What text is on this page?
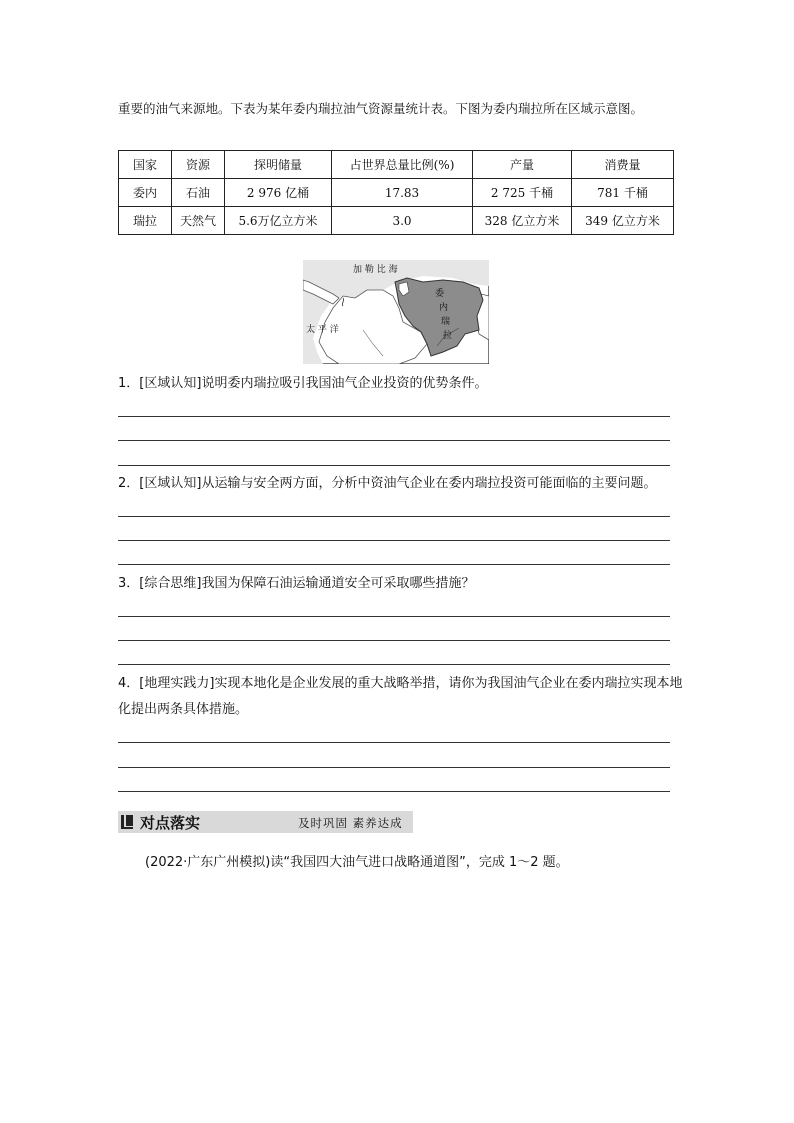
重要的油气来源地。下表为某年委内瑞拉油气资源量统计表。下图为委内瑞拉所在区域示意图。
国家	资源	探明储量	占世界总量比例(%)	产量	消费量
委内	石油	2 976 亿桶	17.83	2 725 千桶	781 千桶
瑞拉	天然气	5.6万亿立方米	3.0	328 亿立方米	349 亿立方米
加 勒 比 海
太 平 洋
委
内
瑞
拉
1．[区域认知]说明委内瑞拉吸引我国油气企业投资的优势条件。
2．[区域认知]从运输与安全两方面，分析中资油气企业在委内瑞拉投资可能面临的主要问题。
3．[综合思维]我国为保障石油运输通道安全可采取哪些措施？
4．[地理实践力]实现本地化是企业发展的重大战略举措，请你为我国油气企业在委内瑞拉实现本地化提出两条具体措施。
对点落实	及时巩固 素养达成
(2022·广东广州模拟)读“我国四大油气进口战略通道图”，完成 1～2 题。
